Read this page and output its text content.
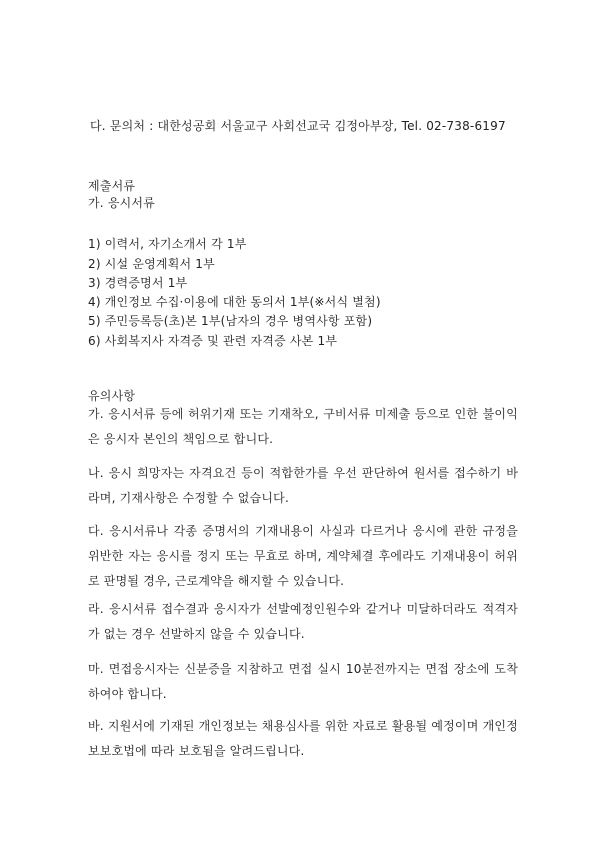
다. 문의처 : 대한성공회 서울교구 사회선교국 김정아부장, Tel. 02-738-6197
제출서류
가. 응시서류
1) 이력서, 자기소개서 각 1부
2) 시설 운영계획서 1부
3) 경력증명서 1부
4) 개인정보 수집·이용에 대한 동의서 1부(※서식 별첨)
5) 주민등록등(초)본 1부(남자의 경우 병역사항 포함)
6) 사회복지사 자격증 및 관련 자격증 사본 1부
유의사항
가. 응시서류 등에 허위기재 또는 기재착오, 구비서류 미제출 등으로 인한 불이익은 응시자 본인의 책임으로 합니다.
나. 응시 희망자는 자격요건 등이 적합한가를 우선 판단하여 원서를 접수하기 바라며, 기재사항은 수정할 수 없습니다.
다. 응시서류나 각종 증명서의 기재내용이 사실과 다르거나 응시에 관한 규정을 위반한 자는 응시를 정지 또는 무효로 하며, 계약체결 후에라도 기재내용이 허위로 판명될 경우, 근로계약을 해지할 수 있습니다.
라. 응시서류 접수결과 응시자가 선발예정인원수와 같거나 미달하더라도 적격자가 없는 경우 선발하지 않을 수 있습니다.
마. 면접응시자는 신분증을 지참하고 면접 실시 10분전까지는 면접 장소에 도착하여야 합니다.
바. 지원서에 기재된 개인정보는 채용심사를 위한 자료로 활용될 예정이며 개인정보보호법에 따라 보호됨을 알려드립니다.
